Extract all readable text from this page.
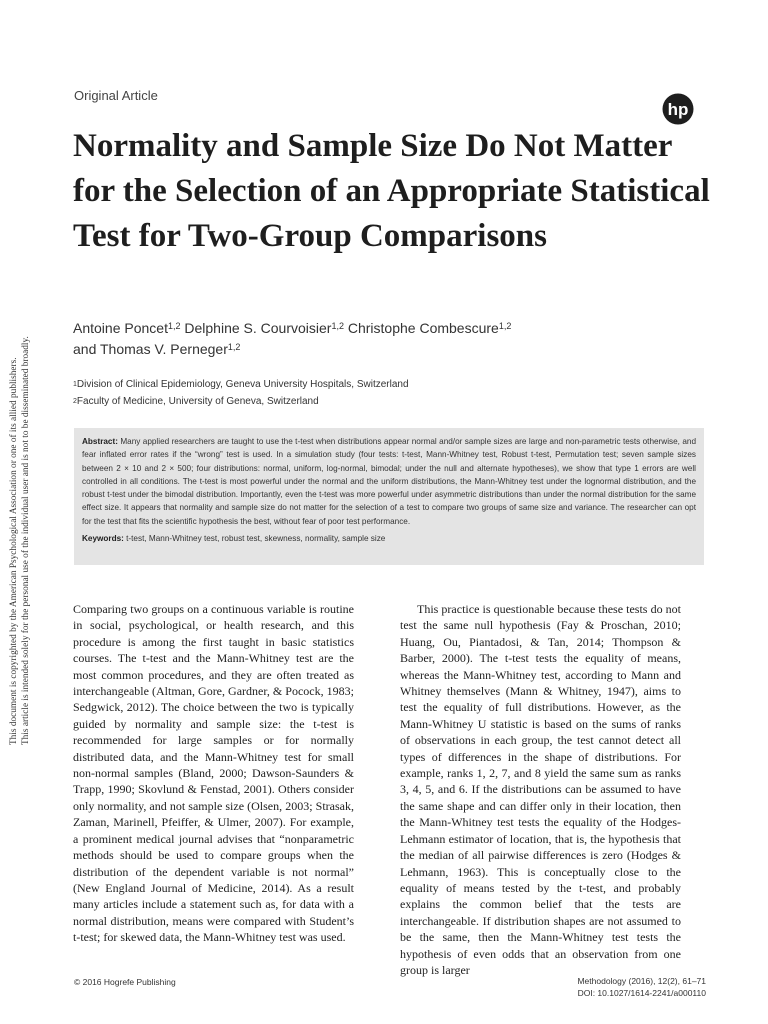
This document is copyrighted by the American Psychological Association or one of its allied publishers. This article is intended solely for the personal use of the individual user and is not to be disseminated broadly.
Original Article
hp
Normality and Sample Size Do Not Matter for the Selection of an Appropriate Statistical Test for Two-Group Comparisons
Antoine Poncet$^{1,2}$ Delphine S. Courvoisier$^{1,2}$ Christophe Combescure$^{1,2}$
and Thomas V. Perneger$^{1,2}$
$^1$Division of Clinical Epidemiology, Geneva University Hospitals, Switzerland
$^2$Faculty of Medicine, University of Geneva, Switzerland
Abstract: Many applied researchers are taught to use the t-test when distributions appear normal and/or sample sizes are large and non-parametric tests otherwise, and fear inflated error rates if the “wrong” test is used. In a simulation study (four tests: t-test, Mann-Whitney test, Robust t-test, Permutation test; seven sample sizes between 2 × 10 and 2 × 500; four distributions: normal, uniform, log-normal, bimodal; under the null and alternate hypotheses), we show that type 1 errors are well controlled in all conditions. The t-test is most powerful under the normal and the uniform distributions, the Mann-Whitney test under the lognormal distribution, and the robust t-test under the bimodal distribution. Importantly, even the t-test was more powerful under asymmetric distributions than under the normal distribution for the same effect size. It appears that normality and sample size do not matter for the selection of a test to compare two groups of same size and variance. The researcher can opt for the test that fits the scientific hypothesis the best, without fear of poor test performance.
Keywords: t-test, Mann-Whitney test, robust test, skewness, normality, sample size

Comparing two groups on a continuous variable is routine in social, psychological, or health research, and this procedure is among the first taught in basic statistics courses. The t-test and the Mann-Whitney test are the most common procedures, and they are often treated as interchangeable (Altman, Gore, Gardner, & Pocock, 1983; Sedgwick, 2012). The choice between the two is typically guided by normality and sample size: the t-test is recommended for large samples or for normally distributed data, and the Mann-Whitney test for small non-normal samples (Bland, 2000; Dawson-Saunders & Trapp, 1990; Skovlund & Fenstad, 2001). Others consider only normality, and not sample size (Olsen, 2003; Strasak, Zaman, Marinell, Pfeiffer, & Ulmer, 2007). For example, a prominent medical journal advises that “nonparametric methods should be used to compare groups when the distribution of the dependent variable is not normal” (New England Journal of Medicine, 2014). As a result many articles include a statement such as, for data with a normal distribution, means were compared with Student’s t-test; for skewed data, the Mann-Whitney test was used.

This practice is questionable because these tests do not test the same null hypothesis (Fay & Proschan, 2010; Huang, Ou, Piantadosi, & Tan, 2014; Thompson & Barber, 2000). The t-test tests the equality of means, whereas the Mann-Whitney test, according to Mann and Whitney themselves (Mann & Whitney, 1947), aims to test the equality of full distributions. However, as the Mann-Whitney U statistic is based on the sums of ranks of observations in each group, the test cannot detect all types of differences in the shape of distributions. For example, ranks 1, 2, 7, and 8 yield the same sum as ranks 3, 4, 5, and 6. If the distributions can be assumed to have the same shape and can differ only in their location, then the Mann-Whitney test tests the equality of the Hodges-Lehmann estimator of location, that is, the hypothesis that the median of all pairwise differences is zero (Hodges & Lehmann, 1963). This is conceptually close to the equality of means tested by the t-test, and probably explains the common belief that the tests are interchangeable. If distribution shapes are not assumed to be the same, then the Mann-Whitney test tests the hypothesis of even odds that an observation from one group is larger

© 2016 Hogrefe Publishing	Methodology (2016), 12(2), 61–71
DOI: 10.1027/1614-2241/a000110
